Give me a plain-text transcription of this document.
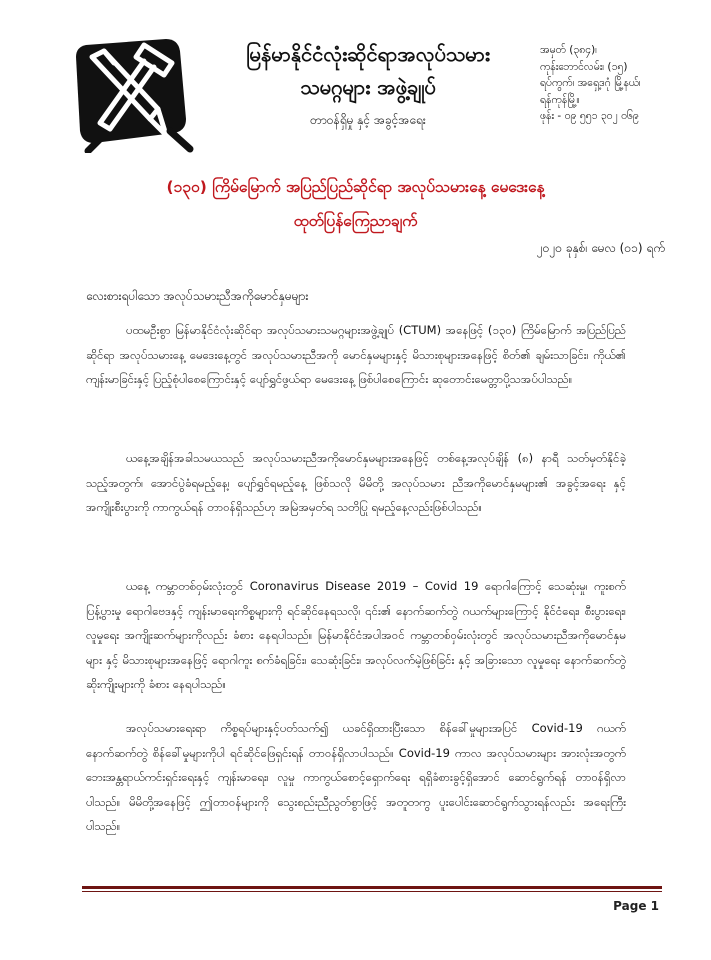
မြန်မာနိုင်ငံလုံးဆိုင်ရာအလုပ်သမား
သမဂ္ဂများ အဖွဲ့ချုပ်
တာဝန်ရှိမှု နှင့် အခွင့်အရေး
အမှတ် (၃၈၄)၊
ကုန်းဘောင်လမ်း၊ (၁၅)
ရပ်ကွက်၊ အရှေ့ဒဂုံ မြို့နယ်၊
ရန်ကုန်မြို့။
ဖုန်း - ၀၉ ၅၅၁ ၃၀၂ ၀၆၉
(၁၃၀) ကြိမ်မြောက် အပြည်ပြည်ဆိုင်ရာ အလုပ်သမားနေ့ မေဒေးနေ့
ထုတ်ပြန်ကြေညာချက်
၂၀၂၀ ခုနှစ်၊ မေလ (၀၁) ရက်
လေးစားရပါသော အလုပ်သမားညီအကိုမောင်နှမများ

ပထမဦးစွာ မြန်မာနိုင်ငံလုံးဆိုင်ရာ အလုပ်သမားသမဂ္ဂများအဖွဲ့ချုပ် (CTUM) အနေဖြင့် (၁၃၀) ကြိမ်မြောက် အပြည်ပြည်ဆိုင်ရာ အလုပ်သမားနေ့ မေဒေးနေ့တွင် အလုပ်သမားညီအကို မောင်နှမများနှင့် မိသားစုများအနေဖြင့် စိတ်၏ ချမ်းသာခြင်း၊ ကိုယ်၏ ကျန်းမာခြင်းနှင့် ပြည့်စုံပါစေကြောင်းနှင့် ပျော်ရွှင်ဖွယ်ရာ မေဒေးနေ့ ဖြစ်ပါစေကြောင်း ဆုတောင်းမေတ္တာပို့သအပ်ပါသည်။

ယနေ့အချိန်အခါသမယသည် အလုပ်သမားညီအကိုမောင်နှမများအနေဖြင့် တစ်နေ့အလုပ်ချိန် (၈) နာရီ သတ်မှတ်နိုင်ခဲ့သည့်အတွက်၊ အောင်ပွဲခံရမည့်နေ့၊ ပျော်ရွှင်ရမည့်နေ့ ဖြစ်သလို မိမိတို့ အလုပ်သမား ညီအကိုမောင်နှမများ၏ အခွင့်အရေး နှင့် အကျိုးစီးပွားကို ကာကွယ်ရန် တာဝန်ရှိသည်ဟု အမြဲအမှတ်ရ သတိပြု ရမည့်နေ့လည်းဖြစ်ပါသည်။

ယနေ့ ကမ္ဘာတစ်ဝှမ်းလုံးတွင် Coronavirus Disease 2019 – Covid 19 ရောဂါကြောင့် သေဆုံးမှု၊ ကူးစက်ပြန့်ပွားမှု ရောဂါဗေဒနှင့် ကျန်းမာရေးကိစ္စများကို ရင်ဆိုင်နေရသလို၊ ၎င်း၏ နောက်ဆက်တွဲ ဂယက်များကြောင့် နိုင်ငံရေး၊ စီးပွားရေး၊ လူမှုရေး အကျိုးဆက်များကိုလည်း ခံစား နေရပါသည်။ မြန်မာနိုင်ငံအပါအဝင် ကမ္ဘာတစ်ဝှမ်းလုံးတွင် အလုပ်သမားညီအကိုမောင်နှမများ နှင့် မိသားစုများအနေဖြင့် ရောဂါကူး စက်ခံရခြင်း၊ သေဆုံးခြင်း၊ အလုပ်လက်မဲ့ဖြစ်ခြင်း နှင့် အခြားသော လူမှုရေး နောက်ဆက်တွဲ ဆိုးကျိုးများကို ခံစား နေရပါသည်။

အလုပ်သမားရေးရာ ကိစ္စရပ်များနှင့်ပတ်သက်၍ ယခင်ရှိထားပြီးသော စိန်ခေါ်မှုများအပြင် Covid-19 ဂယက် နောက်ဆက်တွဲ စိန်ခေါ်မှုများကိုပါ ရင်ဆိုင်ဖြေရှင်းရန် တာဝန်ရှိလာပါသည်။ Covid-19 ကာလ အလုပ်သမားများ အားလုံးအတွက် ဘေးအန္တရာယ်ကင်းရှင်းရေးနှင့် ကျန်းမာရေး၊ လူမှု ကာကွယ်စောင့်ရှောက်ရေး ရရှိခံစားခွင့်ရှိအောင် ဆောင်ရွက်ရန် တာဝန်ရှိလာပါသည်။ မိမိတို့အနေဖြင့် ဤတာဝန်များကို သွေးစည်းညီညွတ်စွာဖြင့် အတူတကွ ပူးပေါင်းဆောင်ရွက်သွားရန်လည်း အရေးကြီး ပါသည်။

Page 1
